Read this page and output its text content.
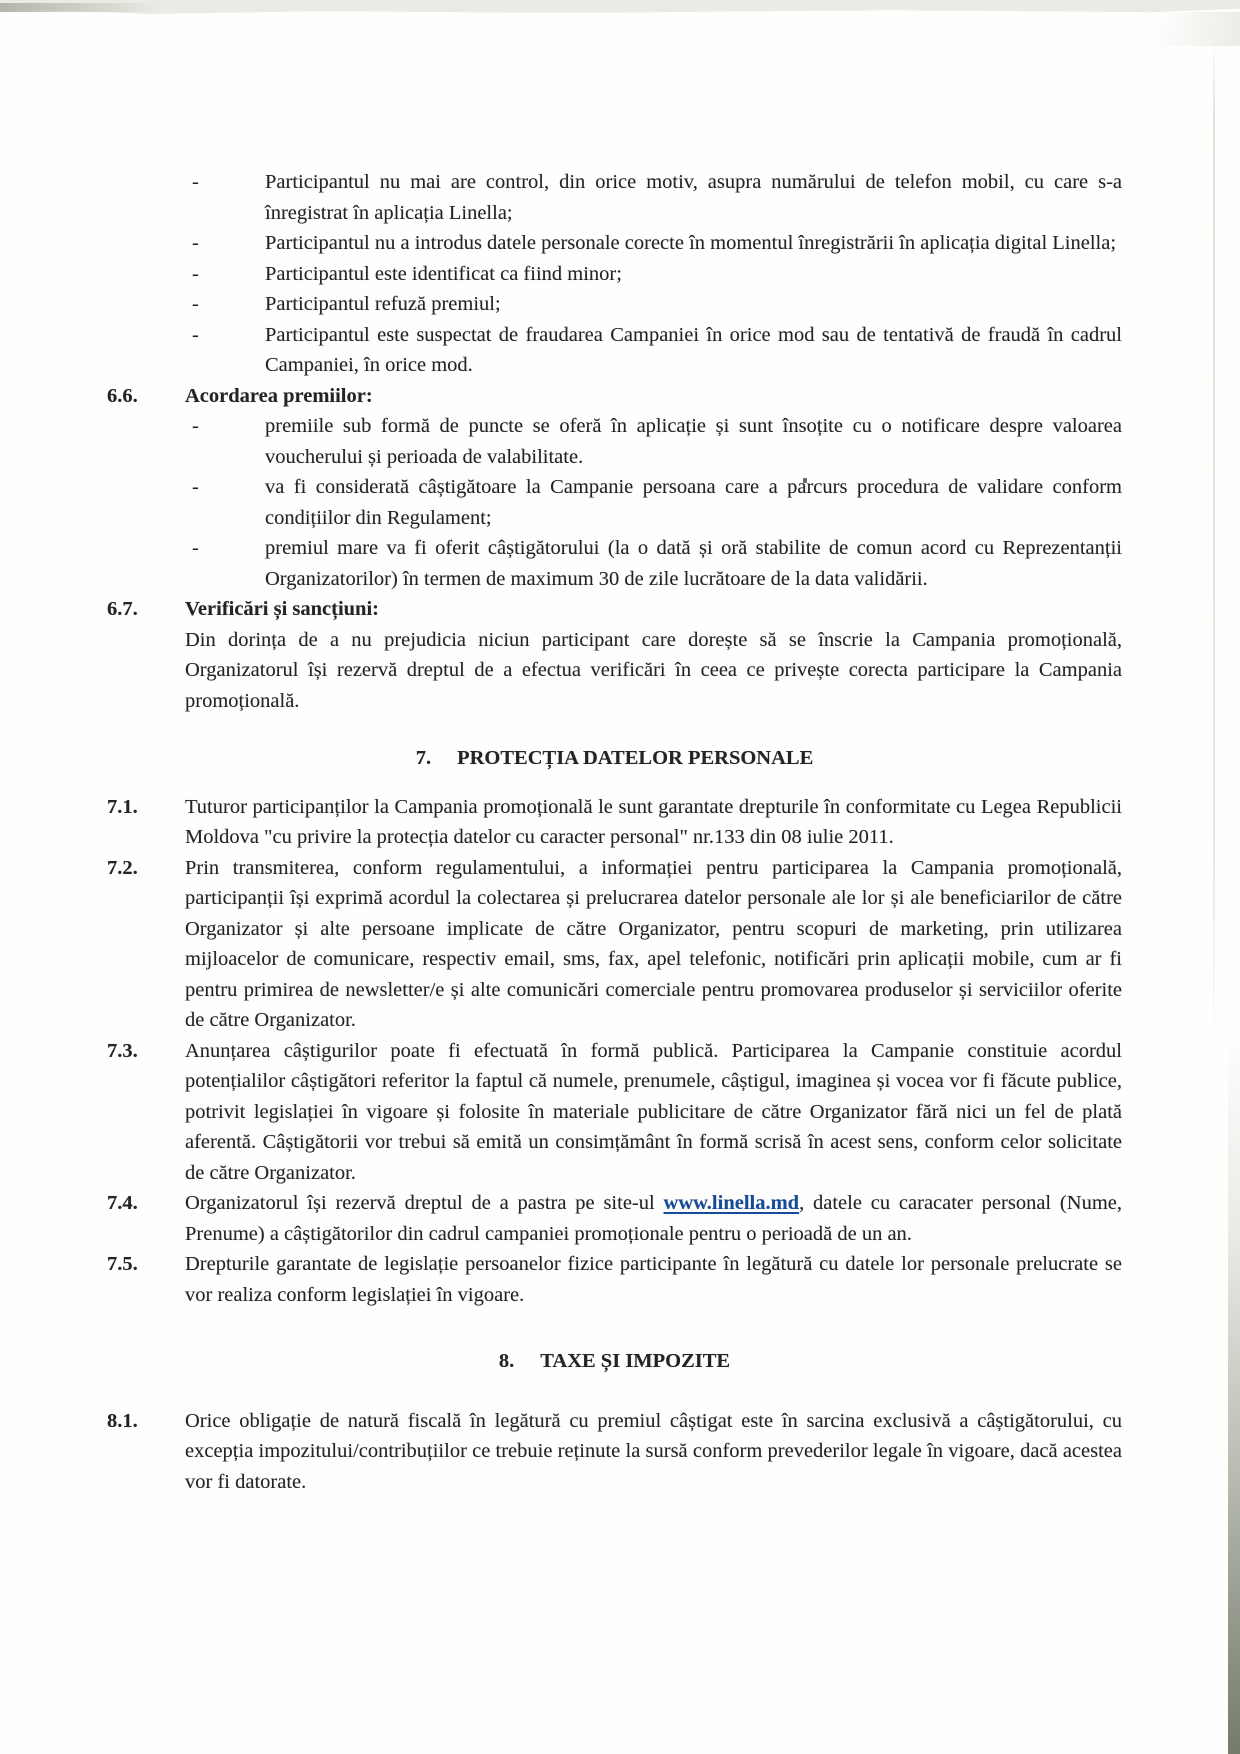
-	Participantul nu mai are control, din orice motiv, asupra numărului de telefon mobil, cu care s-a înregistrat în aplicația Linella;
-	Participantul nu a introdus datele personale corecte în momentul înregistrării în aplicația digital Linella;
-	Participantul este identificat ca fiind minor;
-	Participantul refuză premiul;
-	Participantul este suspectat de fraudarea Campaniei în orice mod sau de tentativă de fraudă în cadrul Campaniei, în orice mod.
6.6.	Acordarea premiilor:
-	premiile sub formă de puncte se oferă în aplicație și sunt însoțite cu o notificare despre valoarea voucherului și perioada de valabilitate.
-	va fi considerată câștigătoare la Campanie persoana care a parcurs procedura de validare conform condițiilor din Regulament;
-	premiul mare va fi oferit câștigătorului (la o dată și oră stabilite de comun acord cu Reprezentanții Organizatorilor) în termen de maximum 30 de zile lucrătoare de la data validării.
6.7.	Verificări și sancțiuni:
Din dorința de a nu prejudicia niciun participant care dorește să se înscrie la Campania promoțională, Organizatorul își rezervă dreptul de a efectua verificări în ceea ce privește corecta participare la Campania promoțională.
7. PROTECȚIA DATELOR PERSONALE
7.1.	Tuturor participanților la Campania promoțională le sunt garantate drepturile în conformitate cu Legea Republicii Moldova "cu privire la protecția datelor cu caracter personal" nr.133 din 08 iulie 2011.
7.2.	Prin transmiterea, conform regulamentului, a informației pentru participarea la Campania promoțională, participanții își exprimă acordul la colectarea și prelucrarea datelor personale ale lor și ale beneficiarilor de către Organizator și alte persoane implicate de către Organizator, pentru scopuri de marketing, prin utilizarea mijloacelor de comunicare, respectiv email, sms, fax, apel telefonic, notificări prin aplicații mobile, cum ar fi pentru primirea de newsletter/e și alte comunicări comerciale pentru promovarea produselor și serviciilor oferite de către Organizator.
7.3.	Anunțarea câștigurilor poate fi efectuată în formă publică. Participarea la Campanie constituie acordul potențialilor câștigători referitor la faptul că numele, prenumele, câștigul, imaginea și vocea vor fi făcute publice, potrivit legislației în vigoare și folosite în materiale publicitare de către Organizator fără nici un fel de plată aferentă. Câștigătorii vor trebui să emită un consimțământ în formă scrisă în acest sens, conform celor solicitate de către Organizator.
7.4.	Organizatorul își rezervă dreptul de a pastra pe site-ul www.linella.md, datele cu caracater personal (Nume, Prenume) a câștigătorilor din cadrul campaniei promoționale pentru o perioadă de un an.
7.5.	Drepturile garantate de legislație persoanelor fizice participante în legătură cu datele lor personale prelucrate se vor realiza conform legislației în vigoare.
8. TAXE ȘI IMPOZITE
8.1.	Orice obligație de natură fiscală în legătură cu premiul câștigat este în sarcina exclusivă a câștigătorului, cu excepția impozitului/contribuțiilor ce trebuie reținute la sursă conform prevederilor legale în vigoare, dacă acestea vor fi datorate.
